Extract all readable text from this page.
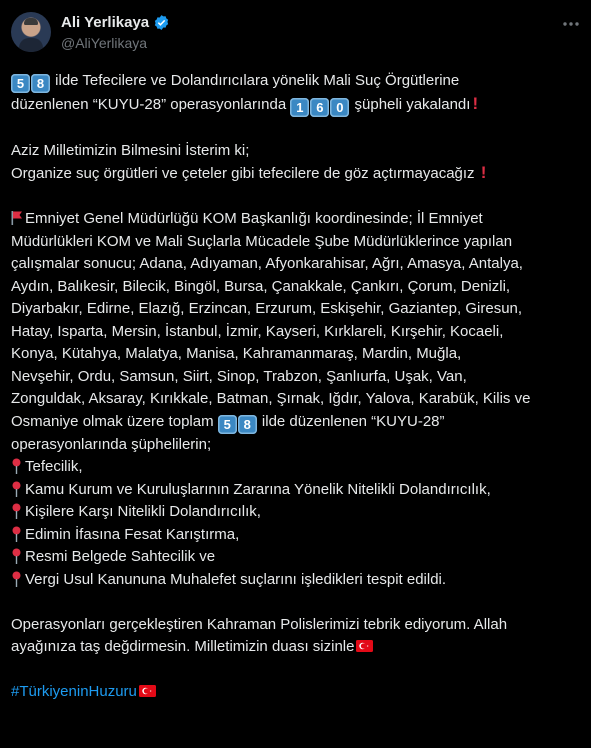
Ali Yerlikaya
@AliYerlikaya
5 8 ilde Tefecilere ve Dolandırıcılara yönelik Mali Suç Örgütlerine
düzenlenen “KUYU-28” operasyonlarında 1 6 0 şüpheli yakalandı !
Aziz Milletimizin Bilmesini İsterim ki;
Organize suç örgütleri ve çeteler gibi tefecilere de göz açtırmayacağız !
Emniyet Genel Müdürlüğü KOM Başkanlığı koordinesinde; İl Emniyet
Müdürlükleri KOM ve Mali Suçlarla Mücadele Şube Müdürlüklerince yapılan
çalışmalar sonucu; Adana, Adıyaman, Afyonkarahisar, Ağrı, Amasya, Antalya,
Aydın, Balıkesir, Bilecik, Bingöl, Bursa, Çanakkale, Çankırı, Çorum, Denizli,
Diyarbakır, Edirne, Elazığ, Erzincan, Erzurum, Eskişehir, Gaziantep, Giresun,
Hatay, Isparta, Mersin, İstanbul, İzmir, Kayseri, Kırklareli, Kırşehir, Kocaeli,
Konya, Kütahya, Malatya, Manisa, Kahramanmaraş, Mardin, Muğla,
Nevşehir, Ordu, Samsun, Siirt, Sinop, Trabzon, Şanlıurfa, Uşak, Van,
Zonguldak, Aksaray, Kırıkkale, Batman, Şırnak, Iğdır, Yalova, Karabük, Kilis ve
Osmaniye olmak üzere toplam 5 8 ilde düzenlenen “KUYU-28”
operasyonlarında şüphelilerin;
Tefecilik,
Kamu Kurum ve Kuruluşlarının Zararına Yönelik Nitelikli Dolandırıcılık,
Kişilere Karşı Nitelikli Dolandırıcılık,
Edimin İfasına Fesat Karıştırma,
Resmi Belgede Sahtecilik ve
Vergi Usul Kanununa Muhalefet suçlarını işledikleri tespit edildi.
Operasyonları gerçekleştiren Kahraman Polislerimizi tebrik ediyorum. Allah
ayağınıza taş değdirmesin. Milletimizin duası sizinle
#TürkiyeninHuzuru
